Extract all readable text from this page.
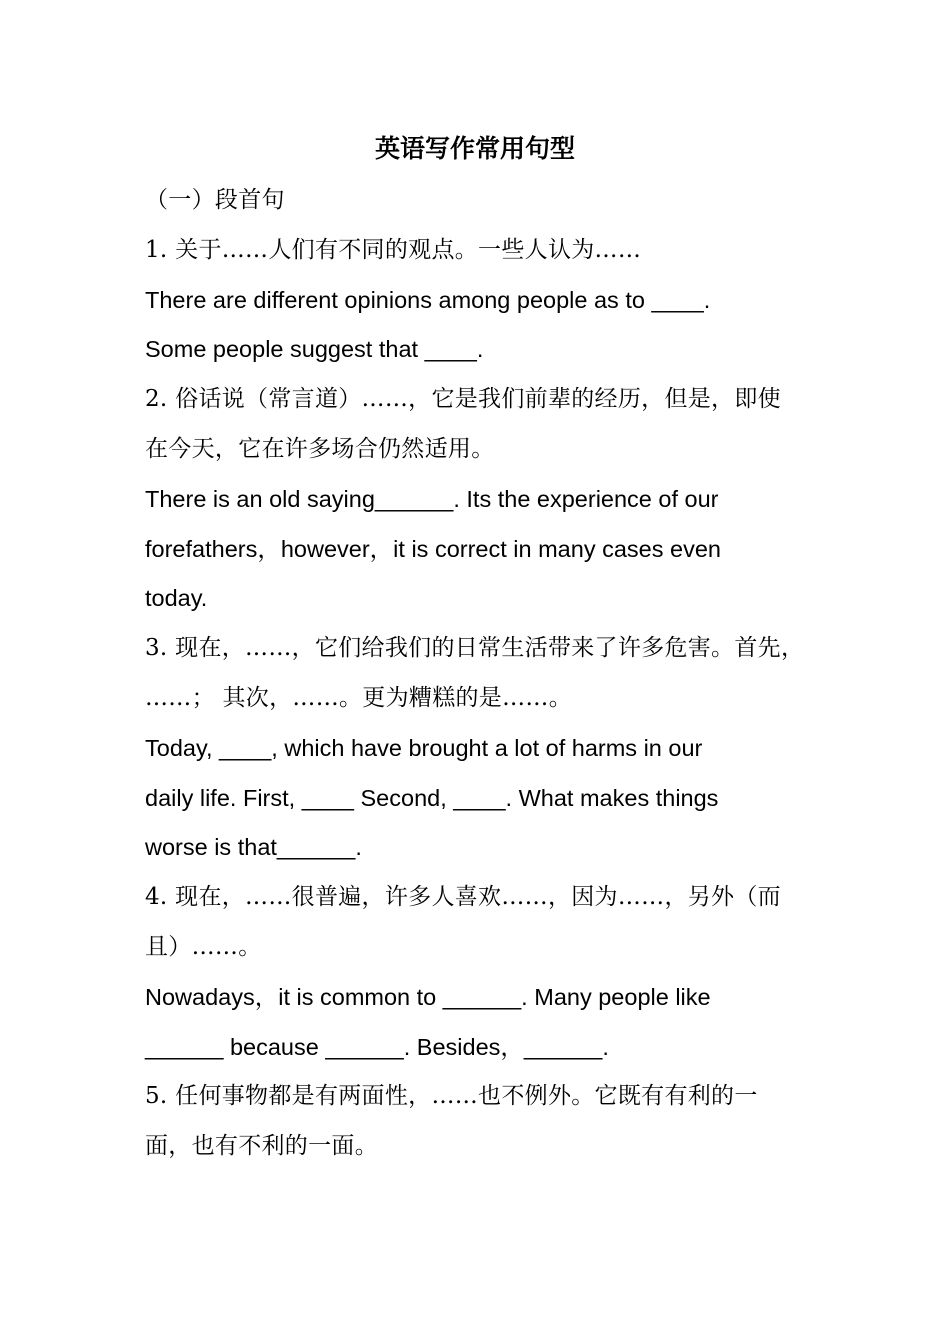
英语写作常用句型
（一）段首句
1. 关于……人们有不同的观点。一些人认为……
There are different opinions among people as to ____.
Some people suggest that ____.
2. 俗话说（常言道）……，它是我们前辈的经历，但是，即使
在今天，它在许多场合仍然适用。
There is an old saying______. Its the experience of our
forefathers，however，it is correct in many cases even
today.
3. 现在，……，它们给我们的日常生活带来了许多危害。首先，
……； 其次，……。更为糟糕的是……。
Today, ____, which have brought a lot of harms in our
daily life. First, ____ Second, ____. What makes things
worse is that______.
4. 现在，……很普遍，许多人喜欢……，因为……，另外（而
且）……。
Nowadays，it is common to ______. Many people like
______ because ______. Besides，______.
5. 任何事物都是有两面性，……也不例外。它既有有利的一
面，也有不利的一面。
